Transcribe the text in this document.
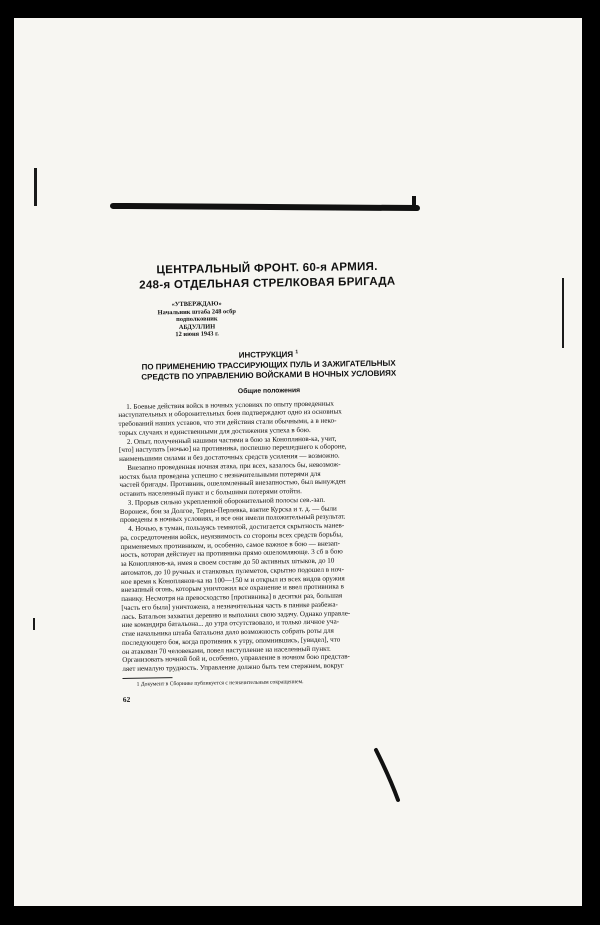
ЦЕНТРАЛЬНЫЙ ФРОНТ. 60-я АРМИЯ.

248-я ОТДЕЛЬНАЯ СТРЕЛКОВАЯ БРИГАДА

«УТВЕРЖДАЮ»
Начальник штаба 248 осбр
подполковник
АБДУЛЛИН
12 июня 1943 г.
ИНСТРУКЦИЯ $^1$
ПО ПРИМЕНЕНИЮ ТРАССИРУЮЩИХ ПУЛЬ И ЗАЖИГАТЕЛЬНЫХ
СРЕДСТВ ПО УПРАВЛЕНИЮ ВОЙСКАМИ В НОЧНЫХ УСЛОВИЯХ
Общие положения
1. Боевые действия войск в ночных условиях по опыту проведенных
наступательных и оборонительных боев подтверждают одно из основных
требований наших уставов, что эти действия стали обычными, а в неко-
торых случаях и единственными для достижения успеха в бою.
2. Опыт, полученный нашими частями в бою за Коноплянов-ка, учит,
[что] наступать [ночью] на противника, поспешно перешедшего к обороне,
наименьшими силами и без достаточных средств усиления — возможно.
Внезапно проведенная ночная атака, при всех, казалось бы, невозмож-
ностях была проведена успешно с незначительными потерями для
частей бригады. Противник, ошеломленный внезапностью, был вынужден
оставить населенный пункт и с большими потерями отойти.
3. Прорыв сильно укрепленной оборонительной полосы сев.-зап.
Воронеж, бои за Долгое, Терны-Перлевка, взятие Курска и т. д. — были
проведены в ночных условиях, и все они имели положительный результат.
4. Ночью, в туман, пользуясь темнотой, достигается скрытность манев-
ра, сосредоточения войск, неуязвимость со стороны всех средств борьбы,
применяемых противником, и, особенно, самое важное в бою — внезап-
ность, которая действует на противника прямо ошеломляюще. 3 сб в бою
за Коноплянов-ка, имея в своем составе до 50 активных штыков, до 10
автоматов, до 10 ручных и станковых пулеметов, скрытно подошел в ноч-
ное время к Коноплянов-ка на 100—150 м и открыл из всех видов оружия
внезапный огонь, которым уничтожил все охранение и ввел противника в
панику. Несмотря на превосходство [противника] в десятки раз, большая
[часть его была] уничтожена, а незначительная часть в панике разбежа-
лась. Батальон захватил деревню и выполнил свою задачу. Однако управле-
ние командира батальона... до утра отсутствовало, и только личное уча-
стие начальника штаба батальона дало возможность собрать роты для
последующего боя, когда противник к утру, опомнившись, [увидел], что
он атакован 70 человеками, повел наступление на населенный пункт.
Организовать ночной бой и, особенно, управление в ночном бою представ-
ляет немалую трудность. Управление должно быть тем стержнем, вокруг
1 Документ в Сборнике публикуется с незначительным сокращением.
62
